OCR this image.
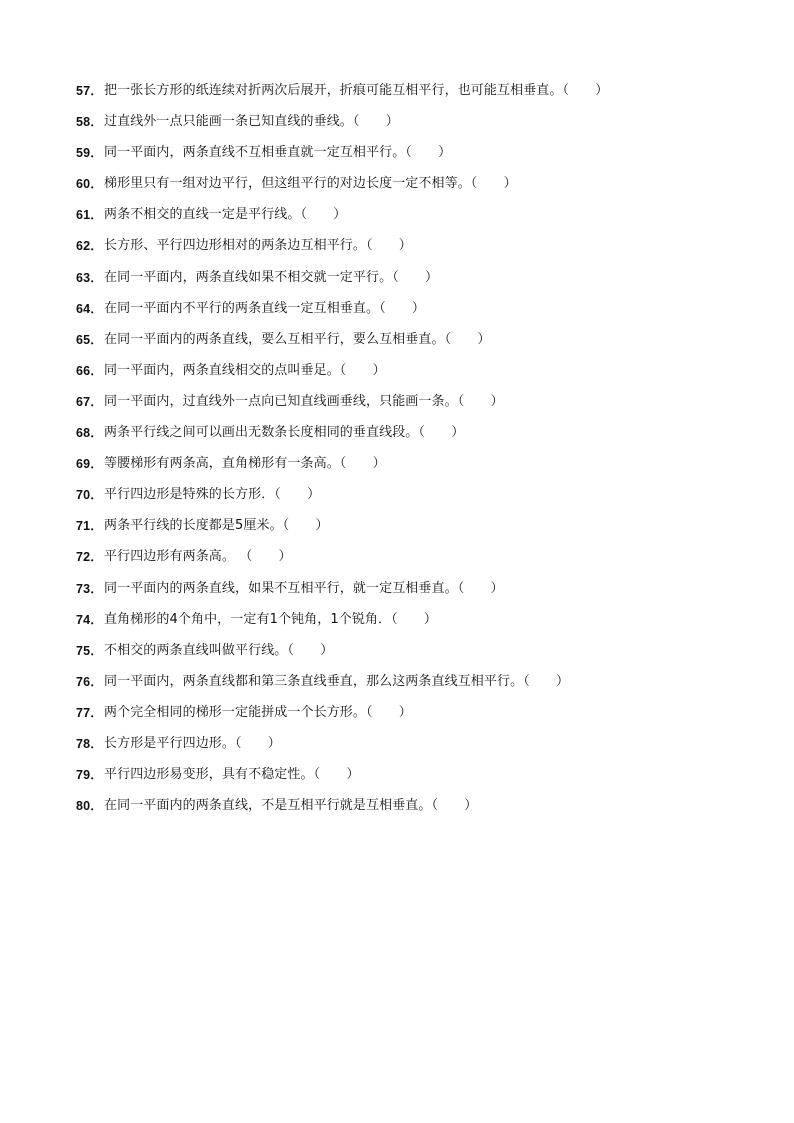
57． 把一张长方形的纸连续对折两次后展开，折痕可能互相平行，也可能互相垂直。（　　）
58． 过直线外一点只能画一条已知直线的垂线。（　　）
59． 同一平面内，两条直线不互相垂直就一定互相平行。（　　）
60． 梯形里只有一组对边平行，但这组平行的对边长度一定不相等。（　　）
61． 两条不相交的直线一定是平行线。（　　）
62． 长方形、平行四边形相对的两条边互相平行。（　　）
63． 在同一平面内，两条直线如果不相交就一定平行。（　　）
64． 在同一平面内不平行的两条直线一定互相垂直。（　　）
65． 在同一平面内的两条直线，要么互相平行，要么互相垂直。（　　）
66． 同一平面内，两条直线相交的点叫垂足。（　　）
67． 同一平面内，过直线外一点向已知直线画垂线，只能画一条。（　　）
68． 两条平行线之间可以画出无数条长度相同的垂直线段。（　　）
69． 等腰梯形有两条高，直角梯形有一条高。（　　）
70． 平行四边形是特殊的长方形．（　　）
71． 两条平行线的长度都是5厘米。（　　）
72． 平行四边形有两条高。 （　　）
73． 同一平面内的两条直线，如果不互相平行，就一定互相垂直。（　　）
74． 直角梯形的4个角中，一定有1个钝角，1个锐角．（　　）
75． 不相交的两条直线叫做平行线。（　　）
76． 同一平面内，两条直线都和第三条直线垂直，那么这两条直线互相平行。（　　）
77． 两个完全相同的梯形一定能拼成一个长方形。（　　）
78． 长方形是平行四边形。（　　）
79． 平行四边形易变形，具有不稳定性。（　　）
80． 在同一平面内的两条直线，不是互相平行就是互相垂直。（　　）
